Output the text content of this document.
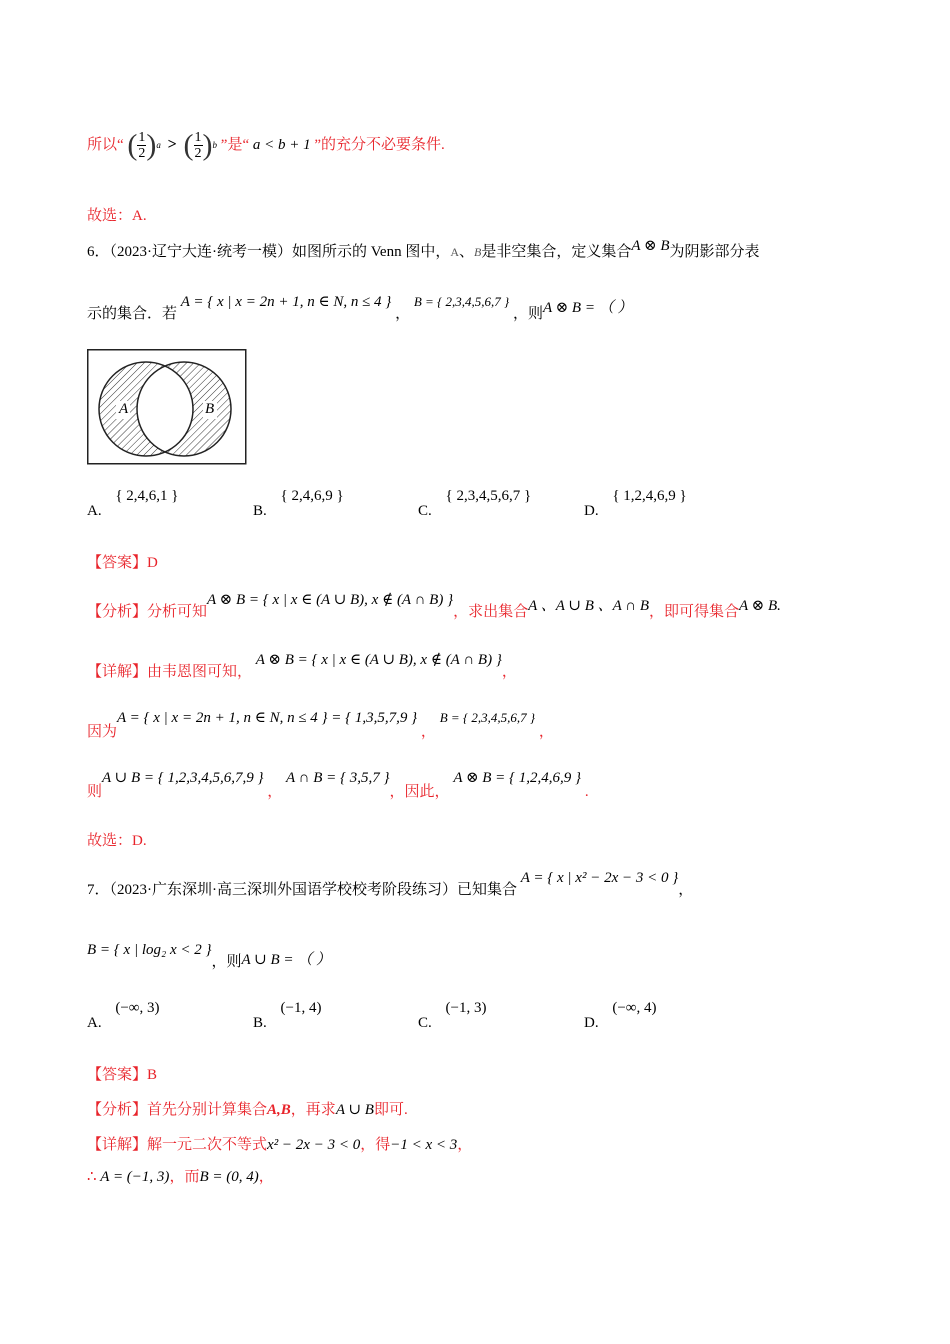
所以“ ( $\frac{1}{2} )^a$ > ( $\frac{1}{2} )^b$ ”是“ a < b + 1 ”的充分不必要条件.
故选：A.
6．（2023·辽宁大连·统考一模）如图所示的 Venn 图中，A、B是非空集合，定义集合A ⊗ B为阴影部分表
示的集合．若 A = { x | x = 2n + 1, n ∈ N, n ≤ 4 } ， B = { 2,3,4,5,6,7 } ，则A ⊗ B = （ ）
A	B
A. { 2,4,6,1 }
B. { 2,4,6,9 }
C. { 2,3,4,5,6,7 }
D. { 1,2,4,6,9 }
【答案】D
【分析】分析可知A ⊗ B = { x | x ∈ (A ∪ B), x ∉ (A ∩ B) }，求出集合A 、A ∪ B 、A ∩ B，即可得集合A ⊗ B.
【详解】由韦恩图可知， A ⊗ B = { x | x ∈ (A ∪ B), x ∉ (A ∩ B) }，
因为A = { x | x = 2n + 1, n ∈ N, n ≤ 4 } = { 1,3,5,7,9 } ， B = { 2,3,4,5,6,7 } ，
则A ∪ B = { 1,2,3,4,5,6,7,9 } ， A ∩ B = { 3,5,7 }，因此， A ⊗ B = { 1,2,4,6,9 } .
故选：D.
7．（2023·广东深圳·高三深圳外国语学校校考阶段练习）已知集合 A = { x | x² − 2x − 3 < 0 }，
B = { x | log₂ x < 2 }，则A ∪ B = （ ）
A. (−∞, 3)
B. (−1, 4)
C. (−1, 3)
D. (−∞, 4)
【答案】B
【分析】首先分别计算集合A,B，再求A ∪ B即可.
【详解】解一元二次不等式x² − 2x − 3 < 0，得−1 < x < 3，
∴ A = (−1, 3)，而B = (0, 4)，
